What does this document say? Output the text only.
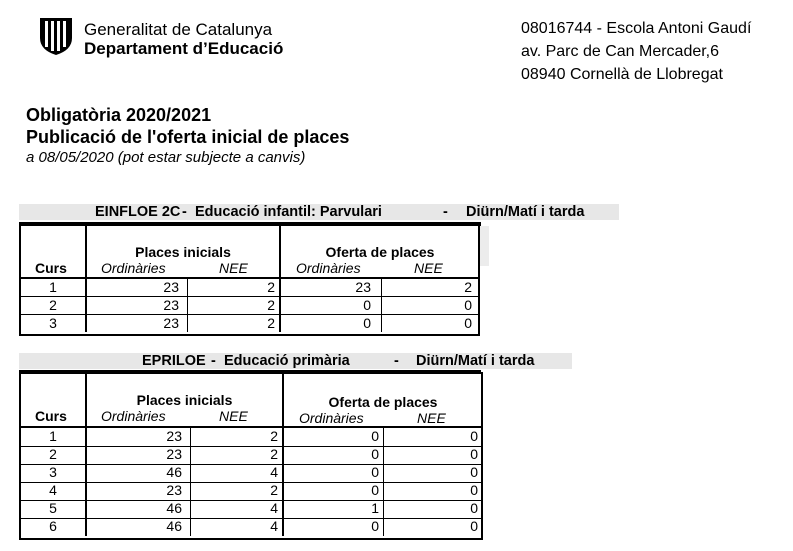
Generalitat de Catalunya
Departament d’Educació
08016744 - Escola Antoni Gaudí
av. Parc de Can Mercader,6
08940 Cornellà de Llobregat
Obligatòria 2020/2021
Publicació de l'oferta inicial de places
a 08/05/2020 (pot estar subjecte a canvis)

EINFLOE 2C

-

Educació infantil: Parvulari

	-

Diürn/Matí i tarda

Curs
Places inicials
Ordinàries	NEE
Oferta de places
Ordinàries	NEE
1	23	2	23	2
2	23	2	0	0
3	23	2	0	0

EPRILOE

-

Educació primària

	-

Diürn/Matí i tarda

Curs
Places inicials
Ordinàries	NEE
Oferta de places
Ordinàries	NEE
1	23	2	0	0
2	23	2	0	0
3	46	4	0	0
4	23	2	0	0
5	46	4	1	0
6	46	4	0	0
